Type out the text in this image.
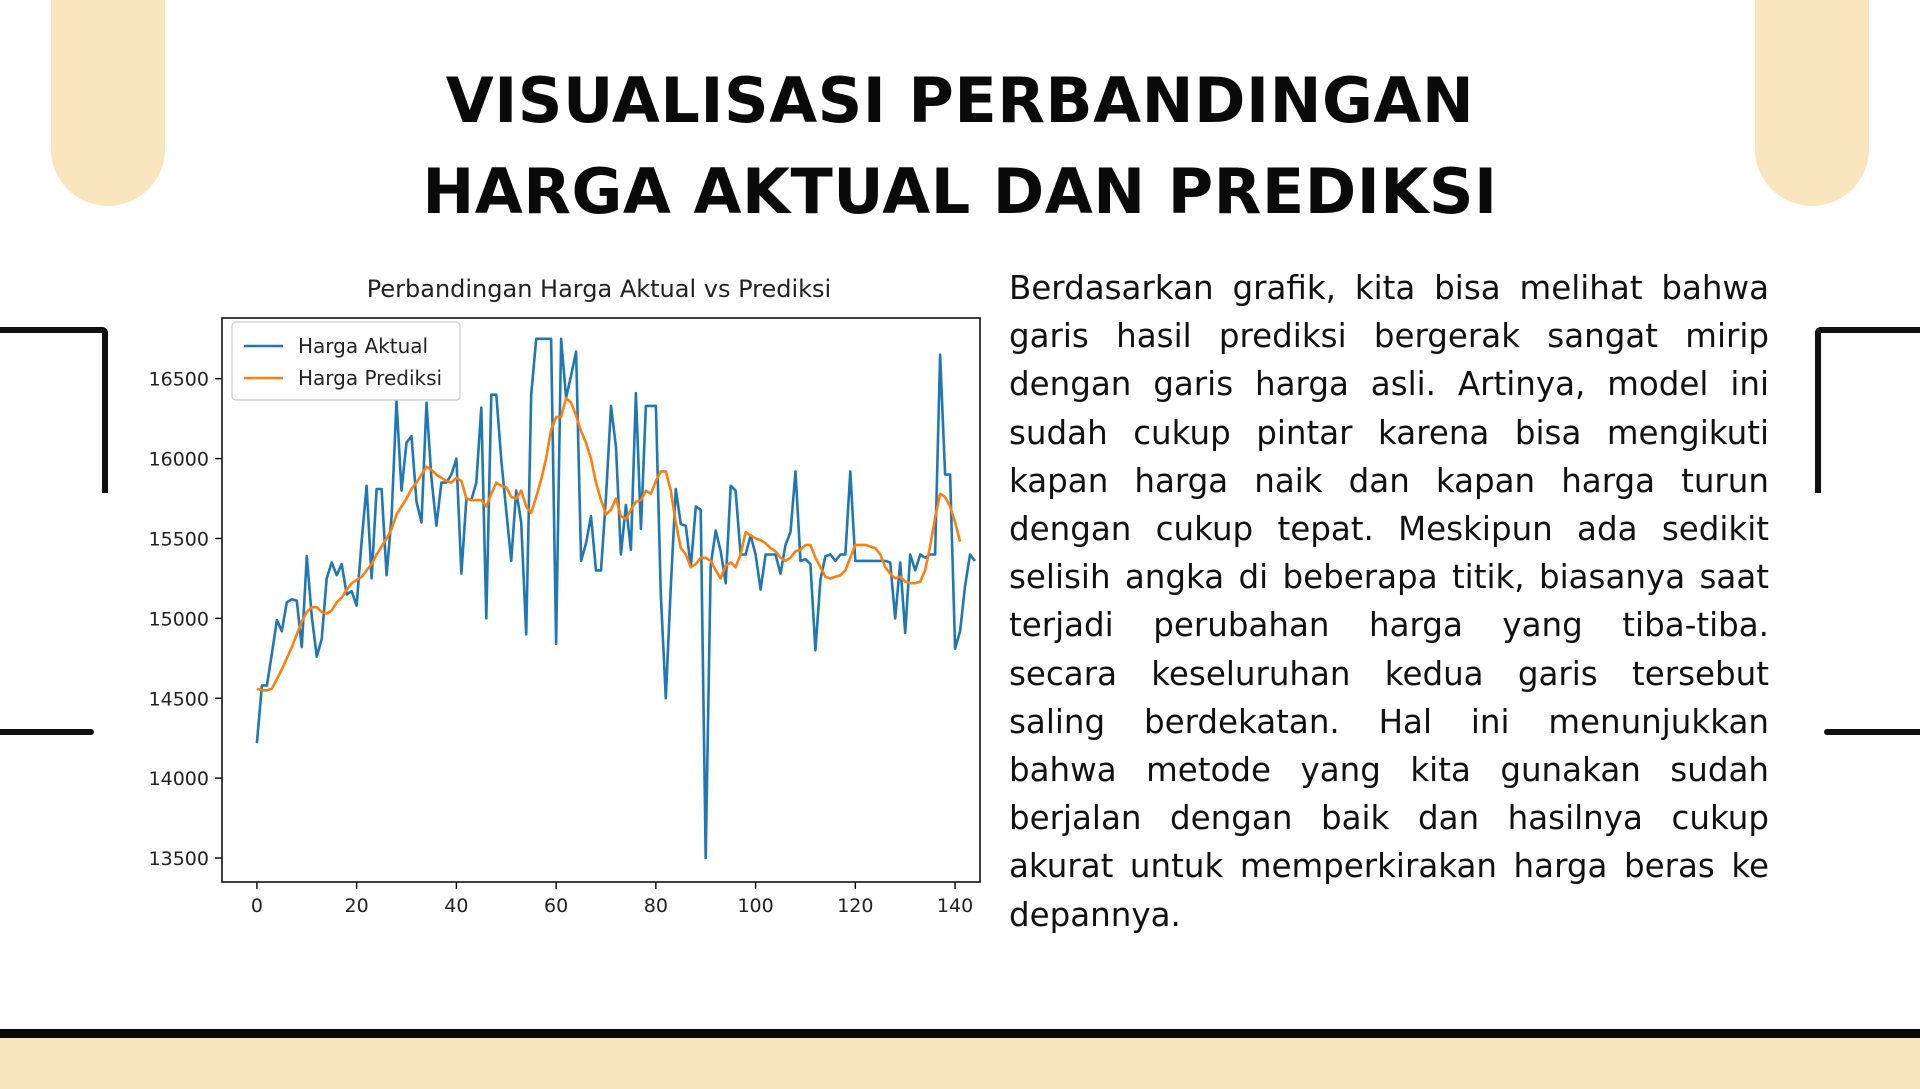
VISUALISASI PERBANDINGAN
HARGA AKTUAL DAN PREDIKSI
Perbandingan Harga Aktual vs Prediksi
13500
14000
14500
15000
15500
16000
16500
0	20	40	60	80	100	120	140
Harga Aktual
Harga Prediksi

Berdasarkan grafik, kita bisa melihat bahwa garis hasil prediksi bergerak sangat mirip dengan garis harga asli. Artinya, model ini sudah cukup pintar karena bisa mengikuti kapan harga naik dan kapan harga turun dengan cukup tepat. Meskipun ada sedikit selisih angka di beberapa titik, biasanya saat terjadi perubahan harga yang tiba-tiba. secara keseluruhan kedua garis tersebut saling berdekatan. Hal ini menunjukkan bahwa metode yang kita gunakan sudah berjalan dengan baik dan hasilnya cukup akurat untuk memperkirakan harga beras ke depannya.
